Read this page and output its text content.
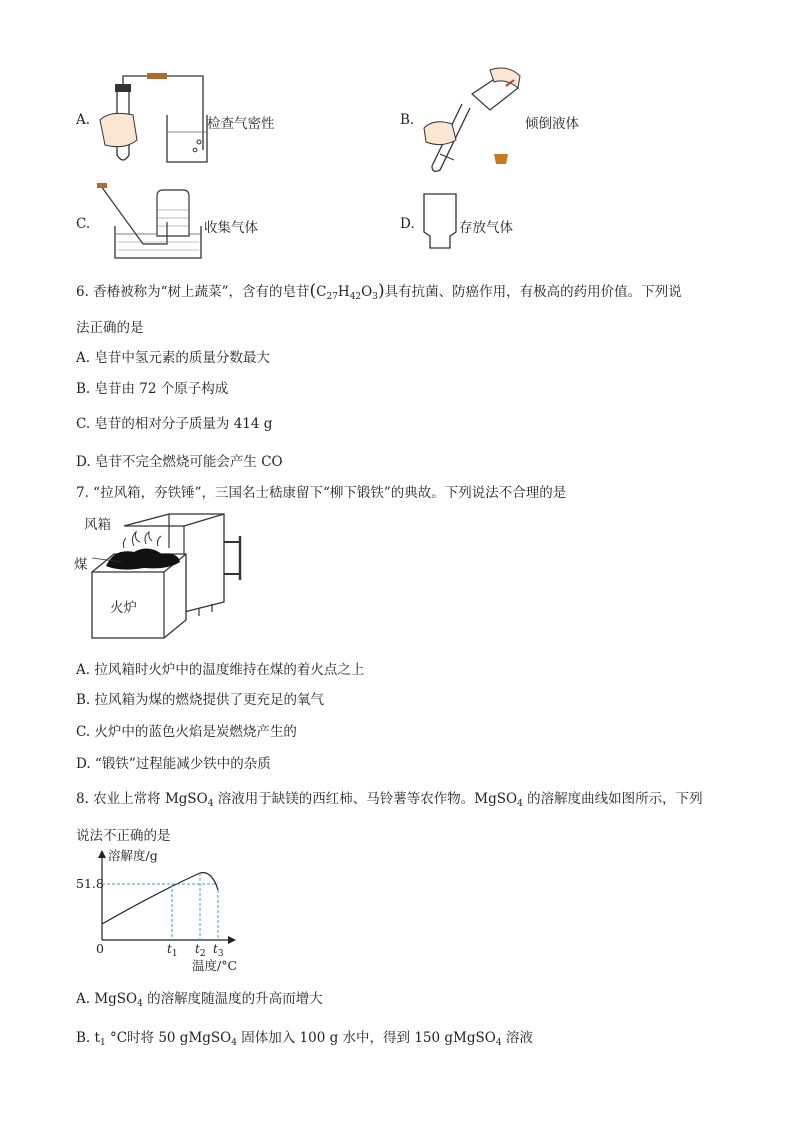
A.	检查气密性	B.	倾倒液体
C.	收集气体	D.	存放气体
6. 香椿被称为“树上蔬菜”，含有的皂苷$(C_{27}H_{42}O_3)$具有抗菌、防癌作用，有极高的药用价值。下列说
法正确的是
A. 皂苷中氢元素的质量分数最大
B. 皂苷由 72 个原子构成
C. 皂苷的相对分子质量为 414 g
D. 皂苷不完全燃烧可能会产生 CO
7. “拉风箱，夯铁锤”，三国名士嵇康留下“柳下锻铁”的典故。下列说法不合理的是
风箱
煤
火炉
A. 拉风箱时火炉中的温度维持在煤的着火点之上
B. 拉风箱为煤的燃烧提供了更充足的氧气
C. 火炉中的蓝色火焰是炭燃烧产生的
D. “锻铁”过程能减少铁中的杂质
8. 农业上常将 MgSO$_4$ 溶液用于缺镁的西红柿、马铃薯等农作物。MgSO$_4$ 的溶解度曲线如图所示，下列
说法不正确的是
溶解度/g
51.8
0	$t_1$ $t_2$ $t_3$
温度/°C
A. MgSO$_4$ 的溶解度随温度的升高而增大
B. $t_1$ °C时将 50 gMgSO$_4$ 固体加入 100 g 水中，得到 150 gMgSO$_4$ 溶液
